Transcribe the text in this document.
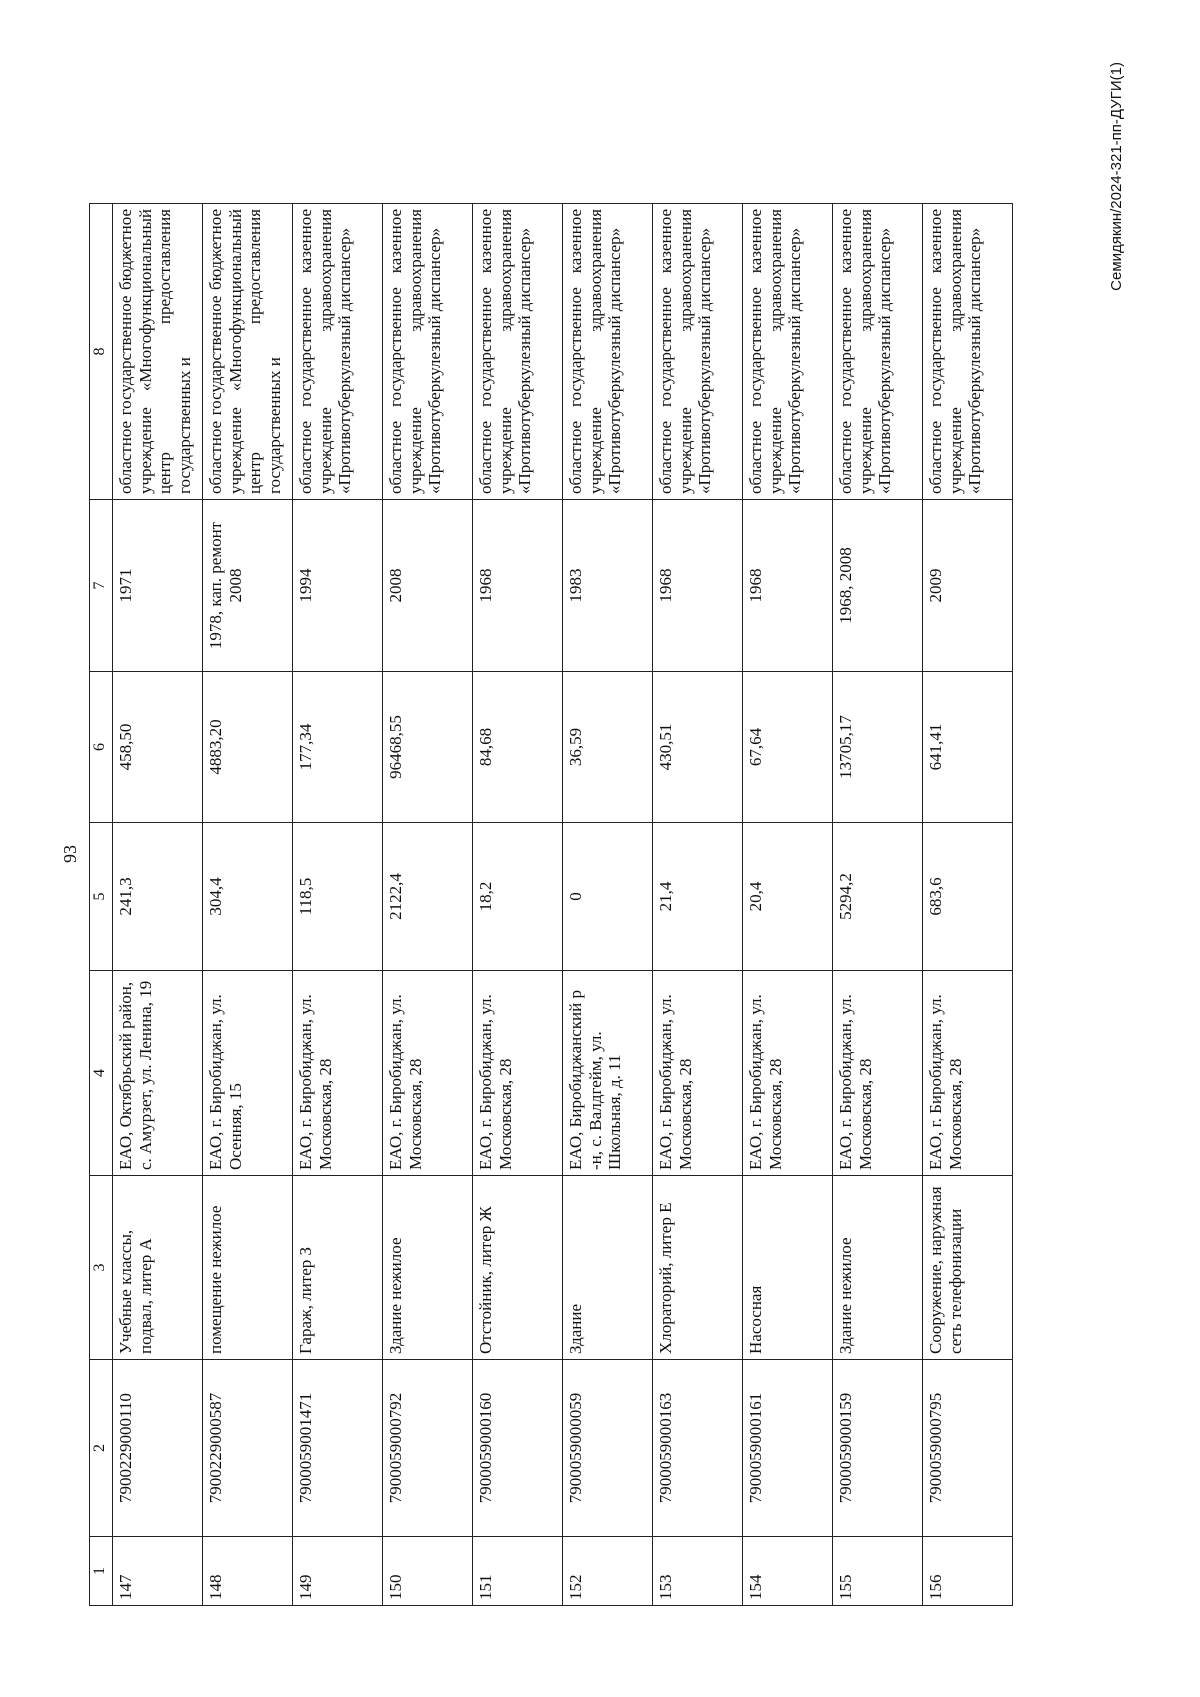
93
1	2	3	4	5	6	7	8
147	7900229000110	Учебные классы, подвал, литер А	ЕАО, Октябрьский район, с. Амурзет, ул. Ленина, 19	241,3	458,50	1971	областное государственное бюджетное учреждение «Многофункциональный центр предоставления государственных и
148	7900229000587	помещение нежилое	ЕАО, г. Биробиджан, ул. Осенняя, 15	304,4	4883,20	1978, кап. ремонт 2008	областное государственное бюджетное учреждение «Многофункциональный центр предоставления государственных и
149	7900059001471	Гараж, литер З	ЕАО, г. Биробиджан, ул. Московская, 28	118,5	177,34	1994	областное государственное казенное учреждение здравоохранения «Противотуберкулезный диспансер»
150	7900059000792	Здание нежилое	ЕАО, г. Биробиджан, ул. Московская, 28	2122,4	96468,55	2008	областное государственное казенное учреждение здравоохранения «Противотуберкулезный диспансер»
151	7900059000160	Отстойник, литер Ж	ЕАО, г. Биробиджан, ул. Московская, 28	18,2	84,68	1968	областное государственное казенное учреждение здравоохранения «Противотуберкулезный диспансер»
152	7900059000059	Здание	ЕАО, Биробиджанский р -н, с. Валдгейм, ул. Школьная, д. 11	0	36,59	1983	областное государственное казенное учреждение здравоохранения «Противотуберкулезный диспансер»
153	7900059000163	Хлораторий, литер Е	ЕАО, г. Биробиджан, ул. Московская, 28	21,4	430,51	1968	областное государственное казенное учреждение здравоохранения «Противотуберкулезный диспансер»
154	7900059000161	Насосная	ЕАО, г. Биробиджан, ул. Московская, 28	20,4	67,64	1968	областное государственное казенное учреждение здравоохранения «Противотуберкулезный диспансер»
155	7900059000159	Здание нежилое	ЕАО, г. Биробиджан, ул. Московская, 28	5294,2	13705,17	1968, 2008	областное государственное казенное учреждение здравоохранения «Противотуберкулезный диспансер»
156	7900059000795	Сооружение, наружная сеть телефонизации	ЕАО, г. Биробиджан, ул. Московская, 28	683,6	641,41	2009	областное государственное казенное учреждение здравоохранения «Противотуберкулезный диспансер»
Семидякин/2024-321-пп-ДУГИ(1)
